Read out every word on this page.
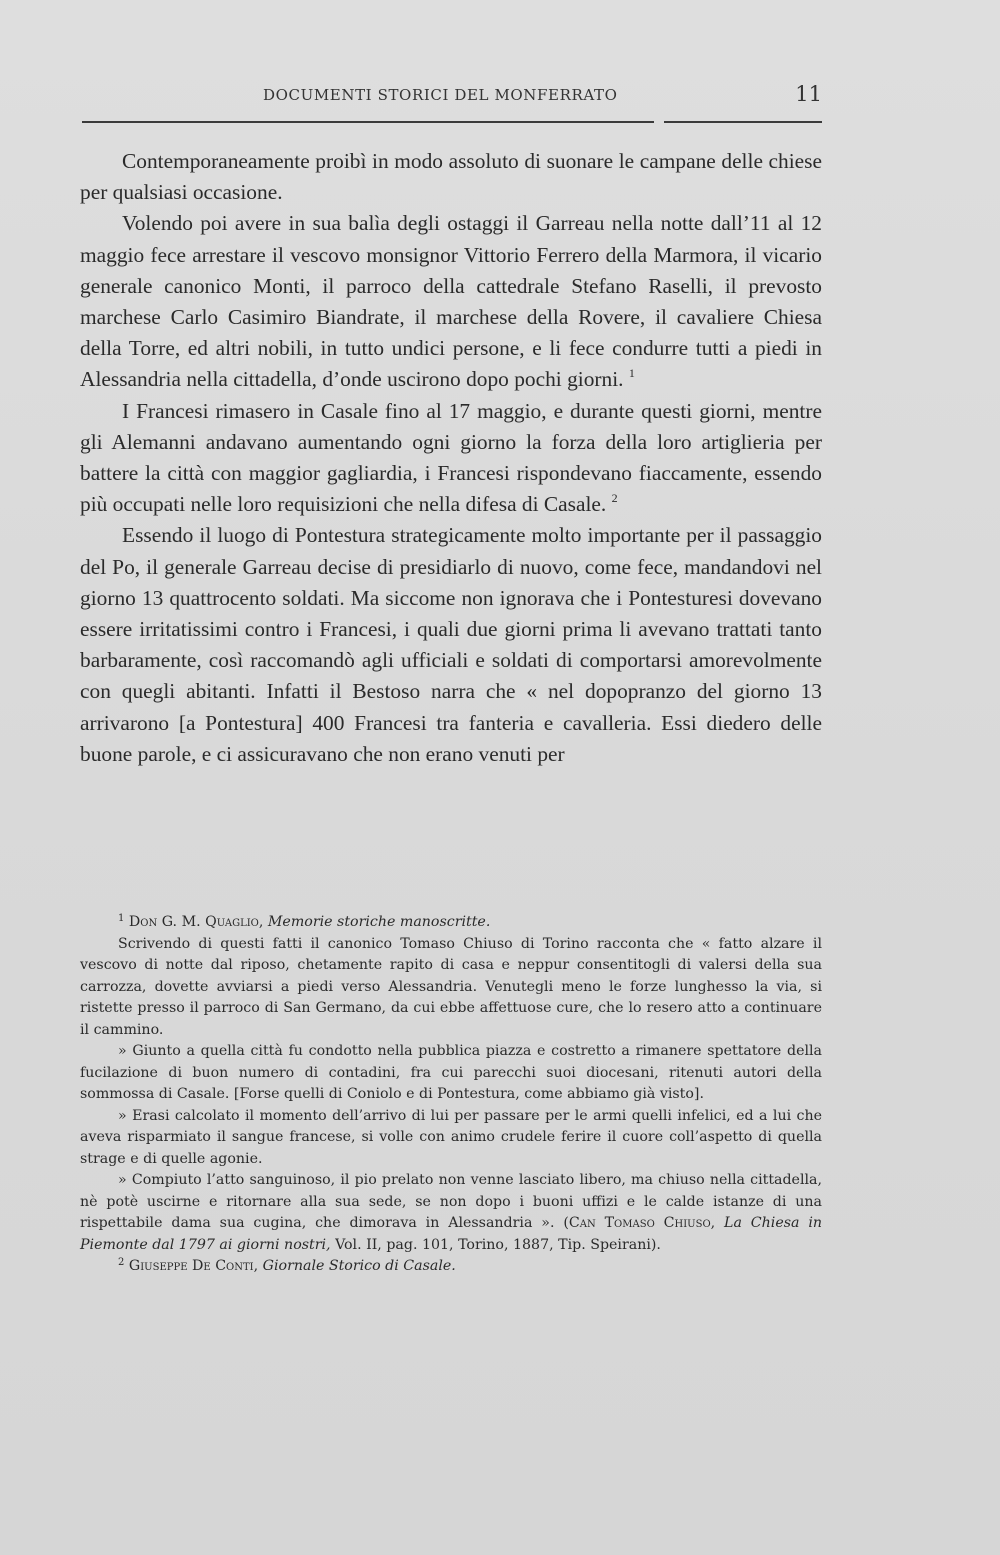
DOCUMENTI STORICI DEL MONFERRATO	11

Contemporaneamente proibì in modo assoluto di suonare le campane delle chiese per qualsiasi occasione.

Volendo poi avere in sua balìa degli ostaggi il Garreau nella notte dall’11 al 12 maggio fece arrestare il vescovo monsignor Vittorio Ferrero della Marmora, il vicario generale canonico Monti, il parroco della cattedrale Stefano Raselli, il prevosto marchese Carlo Casimiro Biandrate, il marchese della Rovere, il cavaliere Chiesa della Torre, ed altri nobili, in tutto undici persone, e li fece condurre tutti a piedi in Alessandria nella cittadella, d’onde uscirono dopo pochi giorni. $^1$

I Francesi rimasero in Casale fino al 17 maggio, e durante questi giorni, mentre gli Alemanni andavano aumentando ogni giorno la forza della loro artiglieria per battere la città con maggior gagliardia, i Francesi rispondevano fiaccamente, essendo più occupati nelle loro requisizioni che nella difesa di Casale. $^2$

Essendo il luogo di Pontestura strategicamente molto importante per il passaggio del Po, il generale Garreau decise di presidiarlo di nuovo, come fece, mandandovi nel giorno 13 quattrocento soldati. Ma siccome non ignorava che i Pontesturesi dovevano essere irritatissimi contro i Francesi, i quali due giorni prima li avevano trattati tanto barbaramente, così raccomandò agli ufficiali e soldati di comportarsi amorevolmente con quegli abitanti. Infatti il Bestoso narra che « nel dopopranzo del giorno 13 arrivarono [a Pontestura] 400 Francesi tra fanteria e cavalleria. Essi diedero delle buone parole, e ci assicuravano che non erano venuti per

$^1$ Don G. M. Quaglio, Memorie storiche manoscritte.

Scrivendo di questi fatti il canonico Tomaso Chiuso di Torino racconta che « fatto alzare il vescovo di notte dal riposo, chetamente rapito di casa e neppur consentitogli di valersi della sua carrozza, dovette avviarsi a piedi verso Alessandria. Venutegli meno le forze lunghesso la via, si ristette presso il parroco di San Germano, da cui ebbe affettuose cure, che lo resero atto a continuare il cammino.

» Giunto a quella città fu condotto nella pubblica piazza e costretto a rimanere spettatore della fucilazione di buon numero di contadini, fra cui parecchi suoi diocesani, ritenuti autori della sommossa di Casale. [Forse quelli di Coniolo e di Pontestura, come abbiamo già visto].

» Erasi calcolato il momento dell’arrivo di lui per passare per le armi quelli infelici, ed a lui che aveva risparmiato il sangue francese, si volle con animo crudele ferire il cuore coll’aspetto di quella strage e di quelle agonie.

» Compiuto l’atto sanguinoso, il pio prelato non venne lasciato libero, ma chiuso nella cittadella, nè potè uscirne e ritornare alla sua sede, se non dopo i buoni uffizi e le calde istanze di una rispettabile dama sua cugina, che dimorava in Alessandria ». (Can Tomaso Chiuso, La Chiesa in Piemonte dal 1797 ai giorni nostri, Vol. II, pag. 101, Torino, 1887, Tip. Speirani).

$^2$ Giuseppe De Conti, Giornale Storico di Casale.
